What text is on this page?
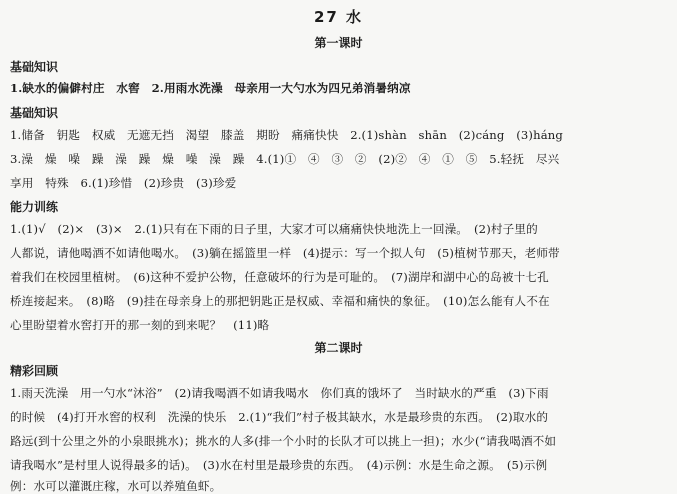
27 水
第一课时
基础知识
1.缺水的偏僻村庄　水窖　2.用雨水洗澡　母亲用一大勺水为四兄弟消暑纳凉
基础知识
1.储备　钥匙　权威　无遮无挡　渴望　膝盖　期盼　痛痛快快　2.(1)shàn　shān　(2)cáng　(3)háng
3.澡　燥　噪　躁　澡　躁　燥　噪　澡　躁　4.(1)①　④　③　②　(2)②　④　①　⑤　5.轻抚　尽兴
享用　特殊　6.(1)珍惜　(2)珍贵　(3)珍爱
能力训练
1.(1)√　(2)×　(3)×　2.(1)只有在下雨的日子里，大家才可以痛痛快快地洗上一回澡。　(2)村子里的
人都说，请他喝酒不如请他喝水。　(3)躺在摇篮里一样　(4)提示：写一个拟人句　(5)植树节那天，老师带
着我们在校园里植树。　(6)这种不爱护公物，任意破坏的行为是可耻的。　(7)湖岸和湖中心的岛被十七孔
桥连接起来。　(8)略　(9)挂在母亲身上的那把钥匙正是权威、幸福和痛快的象征。　(10)怎么能有人不在
心里盼望着水窖打开的那一刻的到来呢？　(11)略
第二课时
精彩回顾
1.雨天洗澡　用一勺水“沐浴”　(2)请我喝酒不如请我喝水　你们真的饿坏了　当时缺水的严重　(3)下雨
的时候　(4)打开水窖的权利　洗澡的快乐　2.(1)“我们”村子极其缺水，水是最珍贵的东西。　(2)取水的
路远(到十公里之外的小泉眼挑水)；挑水的人多(排一个小时的长队才可以挑上一担)；水少(“请我喝酒不如
请我喝水”是村里人说得最多的话)。　(3)水在村里是最珍贵的东西。　(4)示例：水是生命之源。　(5)示例
例：水可以灌溉庄稼，水可以养殖鱼虾。
